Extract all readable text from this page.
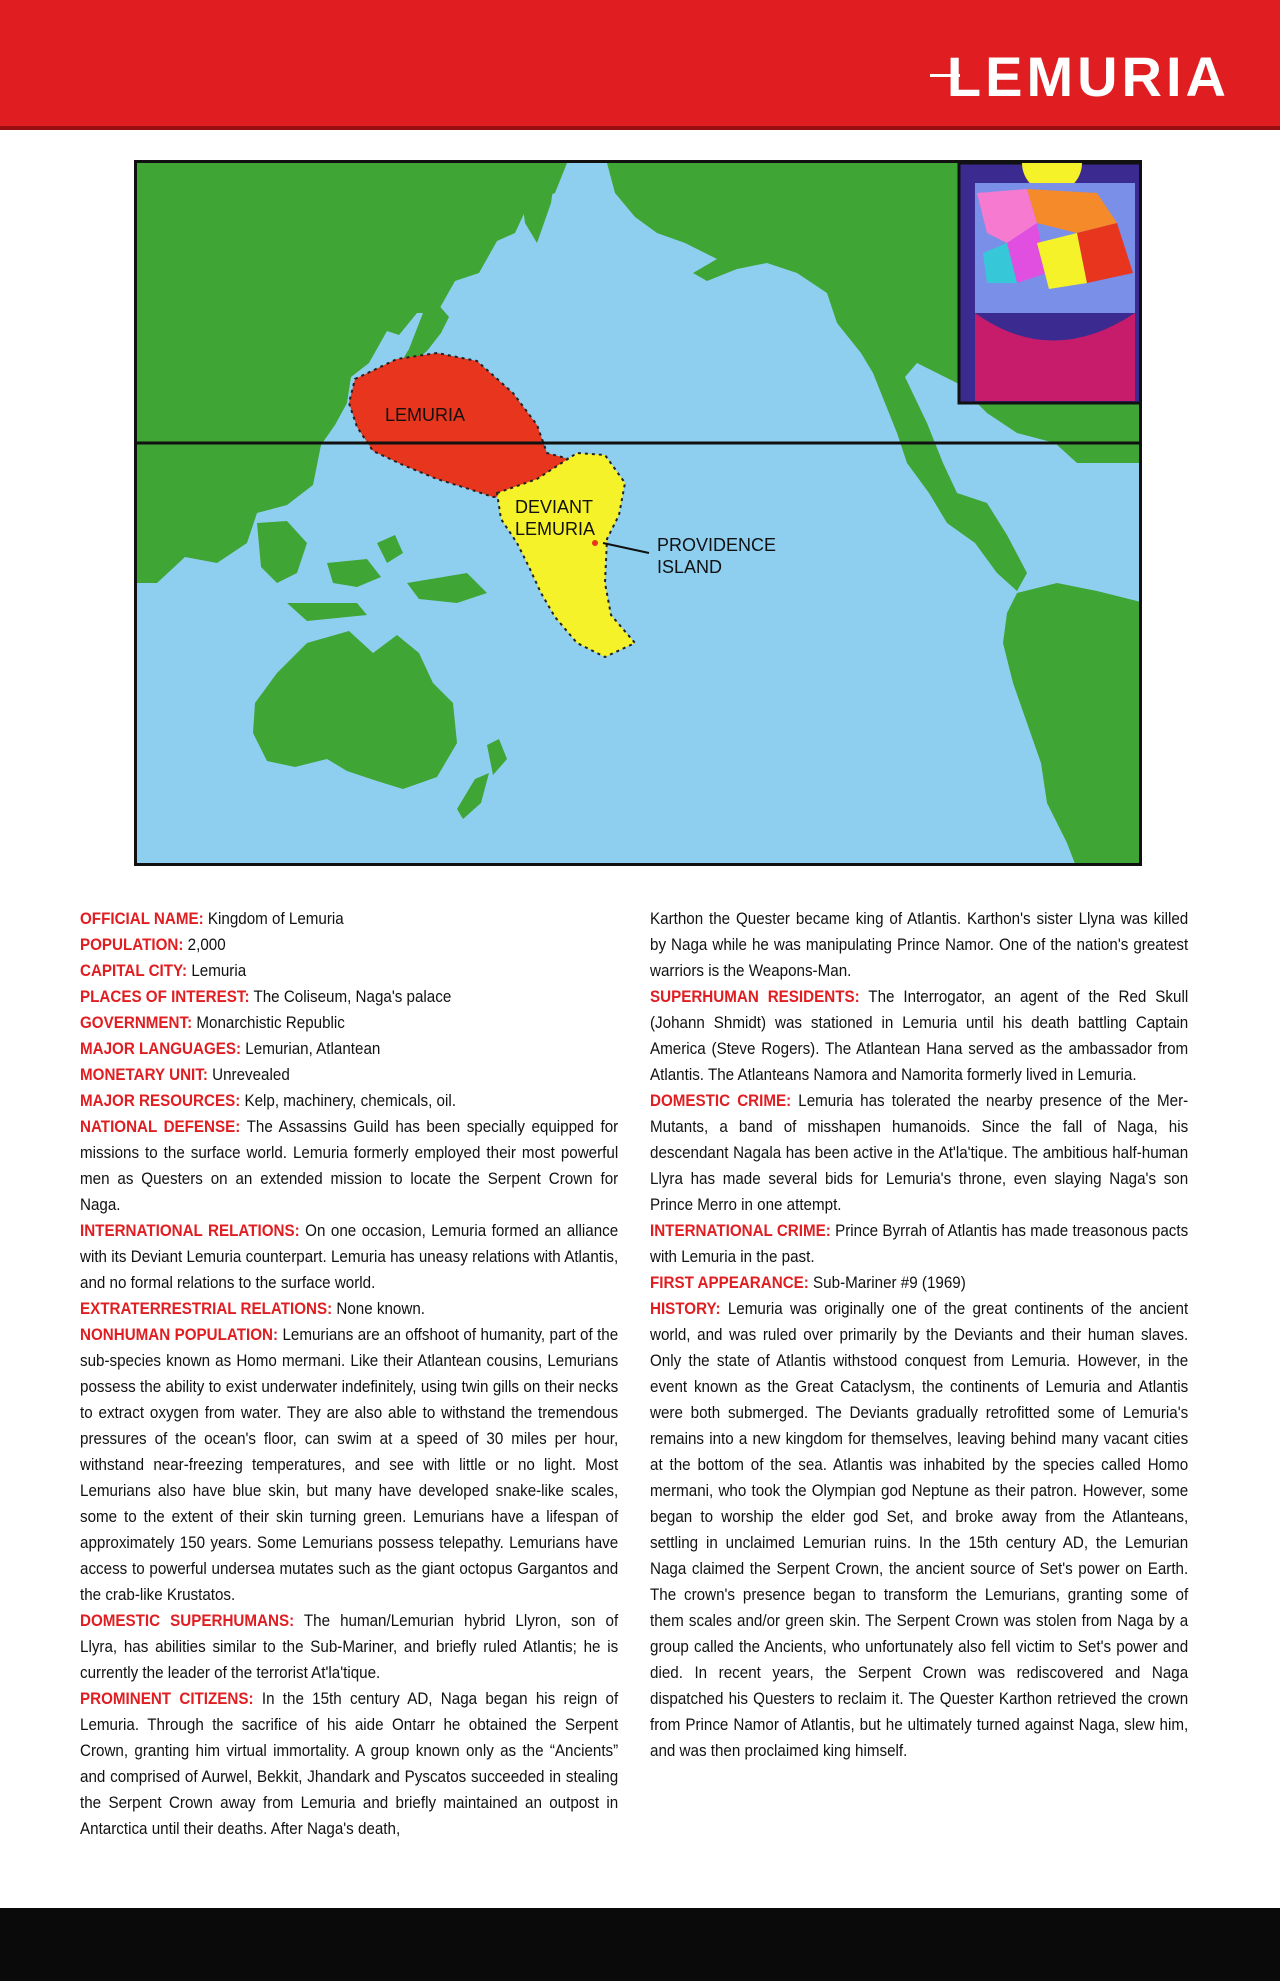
LEMURIA
LEMURIA
DEVIANT
LEMURIA
PROVIDENCE
ISLAND

OFFICIAL NAME: Kingdom of Lemuria

POPULATION: 2,000

CAPITAL CITY: Lemuria

PLACES OF INTEREST: The Coliseum, Naga's palace

GOVERNMENT: Monarchistic Republic

MAJOR LANGUAGES: Lemurian, Atlantean

MONETARY UNIT: Unrevealed

MAJOR RESOURCES: Kelp, machinery, chemicals, oil.

NATIONAL DEFENSE: The Assassins Guild has been specially equipped for missions to the surface world. Lemuria formerly employed their most powerful men as Questers on an extended mission to locate the Serpent Crown for Naga.

INTERNATIONAL RELATIONS: On one occasion, Lemuria formed an alliance with its Deviant Lemuria counterpart. Lemuria has uneasy relations with Atlantis, and no formal relations to the surface world.

EXTRATERRESTRIAL RELATIONS: None known.

NONHUMAN POPULATION: Lemurians are an offshoot of humanity, part of the sub-species known as Homo mermani. Like their Atlantean cousins, Lemurians possess the ability to exist underwater indefinitely, using twin gills on their necks to extract oxygen from water. They are also able to withstand the tremendous pressures of the ocean's floor, can swim at a speed of 30 miles per hour, withstand near-freezing temperatures, and see with little or no light. Most Lemurians also have blue skin, but many have developed snake-like scales, some to the extent of their skin turning green. Lemurians have a lifespan of approximately 150 years. Some Lemurians possess telepathy. Lemurians have access to powerful undersea mutates such as the giant octopus Gargantos and the crab-like Krustatos.

DOMESTIC SUPERHUMANS: The human/Lemurian hybrid Llyron, son of Llyra, has abilities similar to the Sub-Mariner, and briefly ruled Atlantis; he is currently the leader of the terrorist At'la'tique.

PROMINENT CITIZENS: In the 15th century AD, Naga began his reign of Lemuria. Through the sacrifice of his aide Ontarr he obtained the Serpent Crown, granting him virtual immortality. A group known only as the “Ancients” and comprised of Aurwel, Bekkit, Jhandark and Pyscatos succeeded in stealing the Serpent Crown away from Lemuria and briefly maintained an outpost in Antarctica until their deaths. After Naga's death,

Karthon the Quester became king of Atlantis. Karthon's sister Llyna was killed by Naga while he was manipulating Prince Namor. One of the nation's greatest warriors is the Weapons-Man.

SUPERHUMAN RESIDENTS: The Interrogator, an agent of the Red Skull (Johann Shmidt) was stationed in Lemuria until his death battling Captain America (Steve Rogers). The Atlantean Hana served as the ambassador from Atlantis. The Atlanteans Namora and Namorita formerly lived in Lemuria.

DOMESTIC CRIME: Lemuria has tolerated the nearby presence of the Mer-Mutants, a band of misshapen humanoids. Since the fall of Naga, his descendant Nagala has been active in the At'la'tique. The ambitious half-human Llyra has made several bids for Lemuria's throne, even slaying Naga's son Prince Merro in one attempt.

INTERNATIONAL CRIME: Prince Byrrah of Atlantis has made treasonous pacts with Lemuria in the past.

FIRST APPEARANCE: Sub-Mariner #9 (1969)

HISTORY: Lemuria was originally one of the great continents of the ancient world, and was ruled over primarily by the Deviants and their human slaves. Only the state of Atlantis withstood conquest from Lemuria. However, in the event known as the Great Cataclysm, the continents of Lemuria and Atlantis were both submerged. The Deviants gradually retrofitted some of Lemuria's remains into a new kingdom for themselves, leaving behind many vacant cities at the bottom of the sea. Atlantis was inhabited by the species called Homo mermani, who took the Olympian god Neptune as their patron. However, some began to worship the elder god Set, and broke away from the Atlanteans, settling in unclaimed Lemurian ruins. In the 15th century AD, the Lemurian Naga claimed the Serpent Crown, the ancient source of Set's power on Earth. The crown's presence began to transform the Lemurians, granting some of them scales and/or green skin. The Serpent Crown was stolen from Naga by a group called the Ancients, who unfortunately also fell victim to Set's power and died. In recent years, the Serpent Crown was rediscovered and Naga dispatched his Questers to reclaim it. The Quester Karthon retrieved the crown from Prince Namor of Atlantis, but he ultimately turned against Naga, slew him, and was then proclaimed king himself.
